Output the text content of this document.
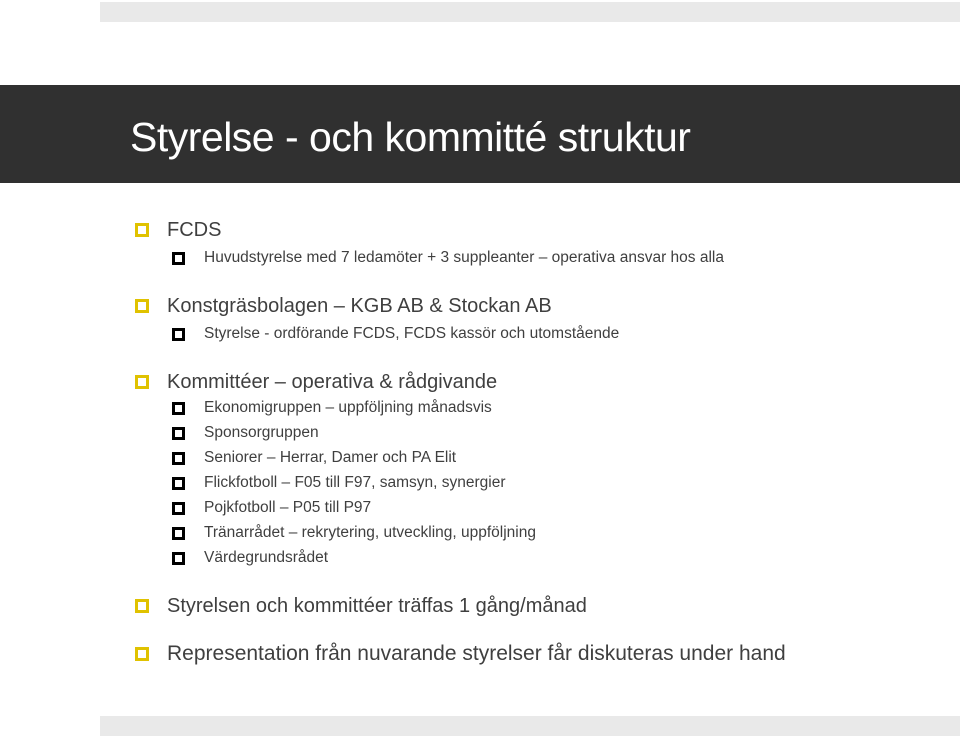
Styrelse - och kommitté struktur
FCDS
Huvudstyrelse med 7 ledamöter + 3 suppleanter – operativa ansvar hos alla
Konstgräsbolagen – KGB AB & Stockan AB
Styrelse - ordförande FCDS, FCDS kassör och utomstående
Kommittéer – operativa & rådgivande
Ekonomigruppen – uppföljning månadsvis
Sponsorgruppen
Seniorer – Herrar, Damer och PA Elit
Flickfotboll – F05 till F97, samsyn, synergier
Pojkfotboll – P05 till P97
Tränarrådet – rekrytering, utveckling, uppföljning
Värdegrundsrådet
Styrelsen och kommittéer träffas 1 gång/månad
Representation från nuvarande styrelser får diskuteras under hand
